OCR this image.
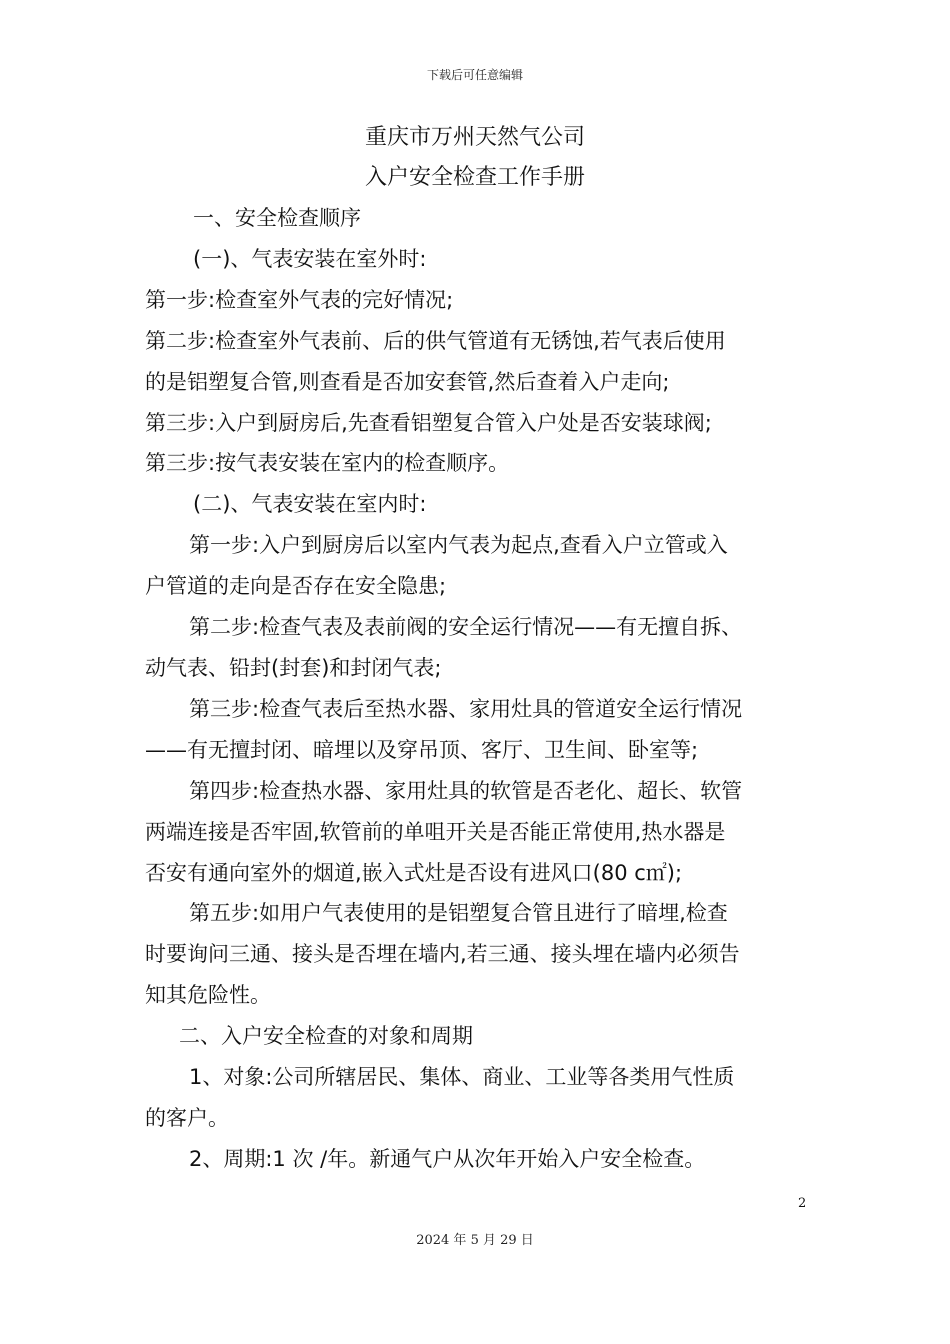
下载后可任意编辑
重庆市万州天然气公司
入户安全检查工作手册

一、安全检查顺序

(一)、气表安装在室外时:

第一步:检查室外气表的完好情况;

第二步:检查室外气表前、后的供气管道有无锈蚀,若气表后使用

的是铝塑复合管,则查看是否加安套管,然后查着入户走向;

第三步:入户到厨房后,先查看铝塑复合管入户处是否安装球阀;

第三步:按气表安装在室内的检查顺序。

(二)、气表安装在室内时:

第一步:入户到厨房后以室内气表为起点,查看入户立管或入

户管道的走向是否存在安全隐患;

第二步:检查气表及表前阀的安全运行情况——有无擅自拆、

动气表、铅封(封套)和封闭气表;

第三步:检查气表后至热水器、家用灶具的管道安全运行情况

——有无擅封闭、暗埋以及穿吊顶、客厅、卫生间、卧室等;

第四步:检查热水器、家用灶具的软管是否老化、超长、软管

两端连接是否牢固,软管前的单咀开关是否能正常使用,热水器是

否安有通向室外的烟道,嵌入式灶是否设有进风口(80 c㎡);

第五步:如用户气表使用的是铝塑复合管且进行了暗埋,检查

时要询问三通、接头是否埋在墙内,若三通、接头埋在墙内必须告

知其危险性。

二、入户安全检查的对象和周期

1、对象:公司所辖居民、集体、商业、工业等各类用气性质

的客户。

2、周期:1 次 /年。新通气户从次年开始入户安全检查。

2
2024 年 5 月 29 日
